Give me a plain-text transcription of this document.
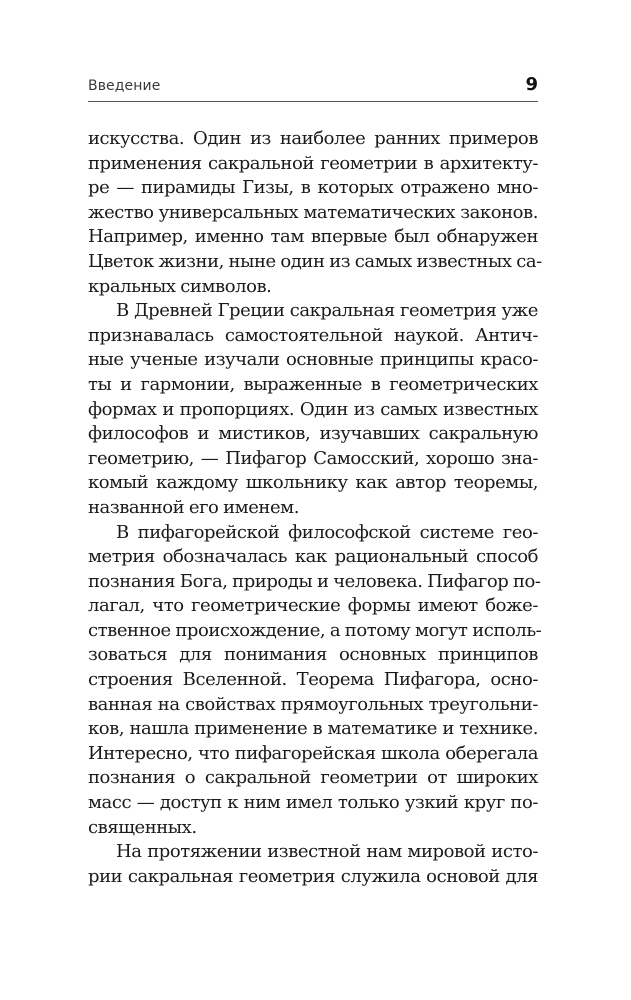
Введение	9
искусства. Один из наиболее ранних примеров
применения сакральной геометрии в архитекту-
ре — пирамиды Гизы, в которых отражено мно-
жество универсальных математических законов.
Например, именно там впервые был обнаружен
Цветок жизни, ныне один из самых известных са-
кральных символов.
В Древней Греции сакральная геометрия уже
признавалась самостоятельной наукой. Антич-
ные ученые изучали основные принципы красо-
ты и гармонии, выраженные в геометрических
формах и пропорциях. Один из самых известных
философов и мистиков, изучавших сакральную
геометрию, — Пифагор Самосский, хорошо зна-
комый каждому школьнику как автор теоремы,
названной его именем.
В пифагорейской философской системе гео-
метрия обозначалась как рациональный способ
познания Бога, природы и человека. Пифагор по-
лагал, что геометрические формы имеют боже-
ственное происхождение, а потому могут исполь-
зоваться для понимания основных принципов
строения Вселенной. Теорема Пифагора, осно-
ванная на свойствах прямоугольных треугольни-
ков, нашла применение в математике и технике.
Интересно, что пифагорейская школа оберегала
познания о сакральной геометрии от широких
масс — доступ к ним имел только узкий круг по-
священных.
На протяжении известной нам мировой исто-
рии сакральная геометрия служила основой для
